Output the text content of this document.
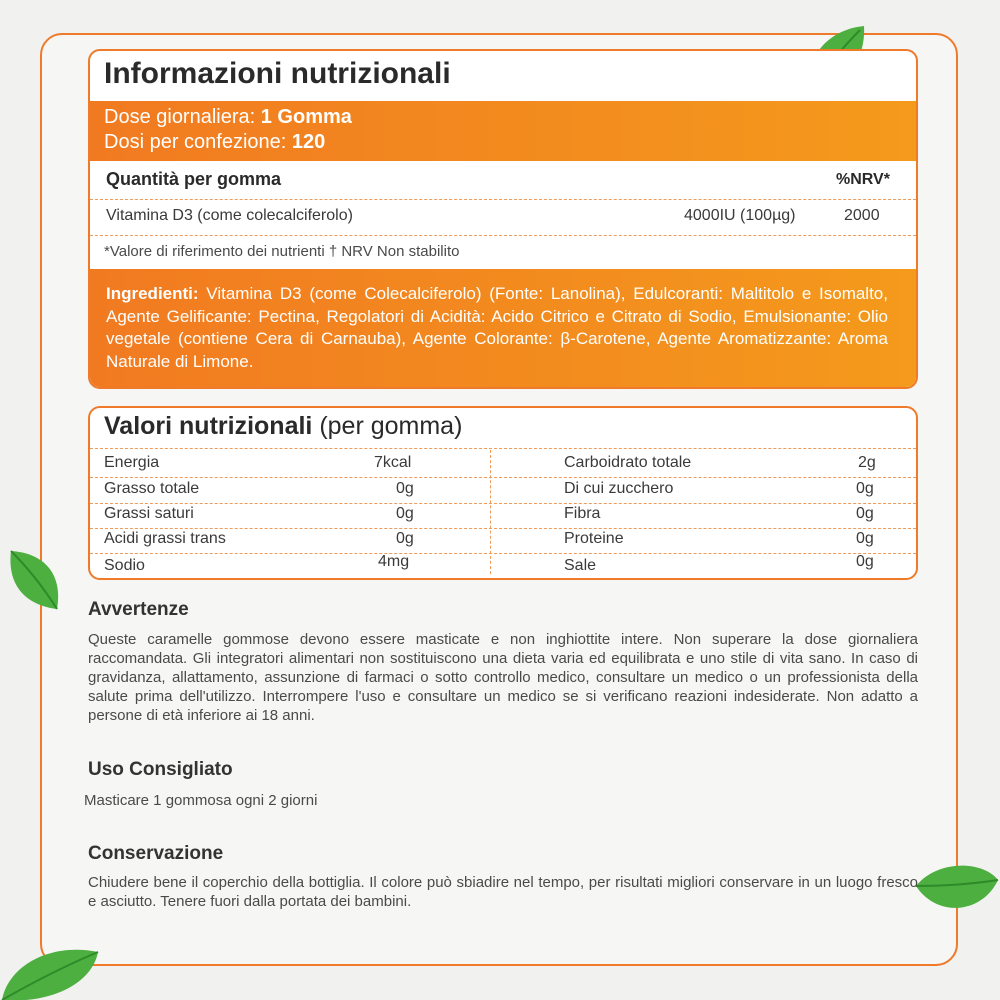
Informazioni nutrizionali
Dose giornaliera: 1 Gomma
Dosi per confezione: 120
Quantità per gomma	%NRV*
Vitamina D3 (come colecalciferolo)	4000IU (100µg)	2000
*Valore di riferimento dei nutrienti † NRV Non stabilito
Ingredienti: Vitamina D3 (come Colecalciferolo) (Fonte: Lanolina), Edulcoranti: Maltitolo e Isomalto, Agente Gelificante: Pectina, Regolatori di Acidità: Acido Citrico e Citrato di Sodio, Emulsionante: Olio vegetale (contiene Cera di Carnauba), Agente Colorante: β-Carotene, Agente Aromatizzante: Aroma Naturale di Limone.
Valori nutrizionali (per gomma)
Energia	7kcal	Carboidrato totale	2g
Grasso totale	0g	Di cui zucchero	0g
Grassi saturi	0g	Fibra	0g
Acidi grassi trans	0g	Proteine	0g
Sodio	4mg	Sale	0g
Avvertenze
Queste caramelle gommose devono essere masticate e non inghiottite intere. Non superare la dose giornaliera raccomandata. Gli integratori alimentari non sostituiscono una dieta varia ed equilibrata e uno stile di vita sano. In caso di gravidanza, allattamento, assunzione di farmaci o sotto controllo medico, consultare un medico o un professionista della salute prima dell'utilizzo. Interrompere l'uso e consultare un medico se si verificano reazioni indesiderate. Non adatto a persone di età inferiore ai 18 anni.
Uso Consigliato
Masticare 1 gommosa ogni 2 giorni
Conservazione
Chiudere bene il coperchio della bottiglia. Il colore può sbiadire nel tempo, per risultati migliori conservare in un luogo fresco e asciutto. Tenere fuori dalla portata dei bambini.
